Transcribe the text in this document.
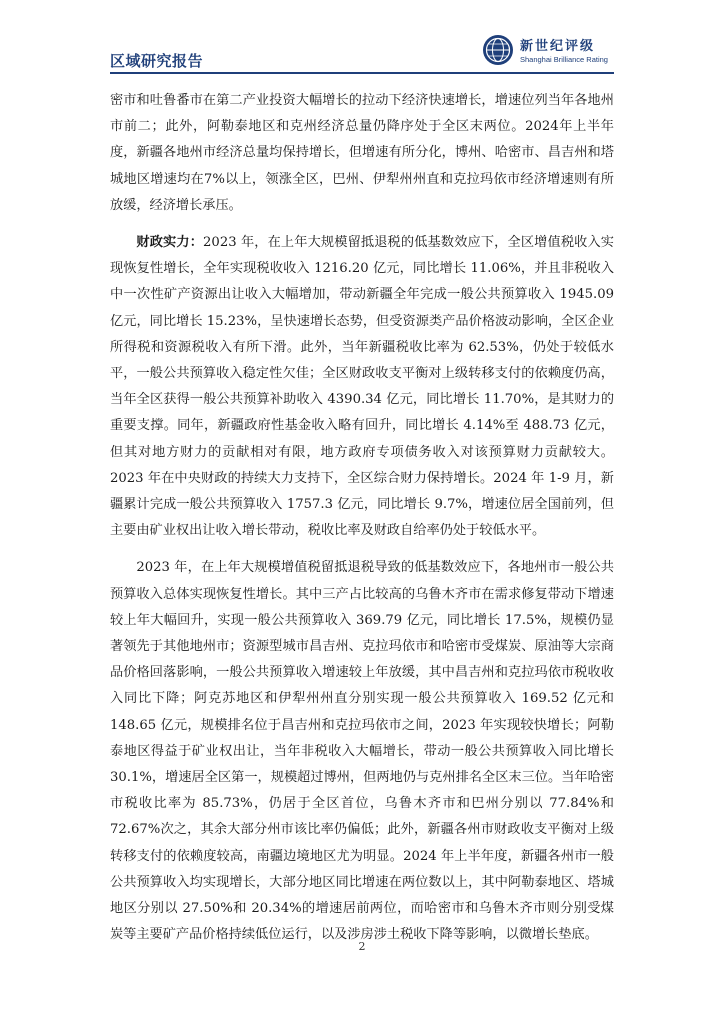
区域研究报告
新世纪评级
Shanghai Brilliance Rating

密市和吐鲁番市在第二产业投资大幅增长的拉动下经济快速增长，增速位列当年各地州市前二；此外，阿勒泰地区和克州经济总量仍降序处于全区末两位。2024年上半年度，新疆各地州市经济总量均保持增长，但增速有所分化，博州、哈密市、昌吉州和塔城地区增速均在7%以上，领涨全区，巴州、伊犁州州直和克拉玛依市经济增速则有所放缓，经济增长承压。

财政实力：2023 年，在上年大规模留抵退税的低基数效应下，全区增值税收入实现恢复性增长，全年实现税收收入 1216.20 亿元，同比增长 11.06%，并且非税收入中一次性矿产资源出让收入大幅增加，带动新疆全年完成一般公共预算收入 1945.09 亿元，同比增长 15.23%，呈快速增长态势，但受资源类产品价格波动影响，全区企业所得税和资源税收入有所下滑。此外，当年新疆税收比率为 62.53%，仍处于较低水平，一般公共预算收入稳定性欠佳；全区财政收支平衡对上级转移支付的依赖度仍高，当年全区获得一般公共预算补助收入 4390.34 亿元，同比增长 11.70%，是其财力的重要支撑。同年，新疆政府性基金收入略有回升，同比增长 4.14%至 488.73 亿元，但其对地方财力的贡献相对有限，地方政府专项债务收入对该预算财力贡献较大。2023 年在中央财政的持续大力支持下，全区综合财力保持增长。2024 年 1-9 月，新疆累计完成一般公共预算收入 1757.3 亿元，同比增长 9.7%，增速位居全国前列，但主要由矿业权出让收入增长带动，税收比率及财政自给率仍处于较低水平。

2023 年，在上年大规模增值税留抵退税导致的低基数效应下，各地州市一般公共预算收入总体实现恢复性增长。其中三产占比较高的乌鲁木齐市在需求修复带动下增速较上年大幅回升，实现一般公共预算收入 369.79 亿元，同比增长 17.5%，规模仍显著领先于其他地州市；资源型城市昌吉州、克拉玛依市和哈密市受煤炭、原油等大宗商品价格回落影响，一般公共预算收入增速较上年放缓，其中昌吉州和克拉玛依市税收收入同比下降；阿克苏地区和伊犁州州直分别实现一般公共预算收入 169.52 亿元和 148.65 亿元，规模排名位于昌吉州和克拉玛依市之间，2023 年实现较快增长；阿勒泰地区得益于矿业权出让，当年非税收入大幅增长，带动一般公共预算收入同比增长 30.1%，增速居全区第一，规模超过博州，但两地仍与克州排名全区末三位。当年哈密市税收比率为 85.73%，仍居于全区首位，乌鲁木齐市和巴州分别以 77.84%和 72.67%次之，其余大部分州市该比率仍偏低；此外，新疆各州市财政收支平衡对上级转移支付的依赖度较高，南疆边境地区尤为明显。2024 年上半年度，新疆各州市一般公共预算收入均实现增长，大部分地区同比增速在两位数以上，其中阿勒泰地区、塔城地区分别以 27.50%和 20.34%的增速居前两位，而哈密市和乌鲁木齐市则分别受煤炭等主要矿产品价格持续低位运行，以及涉房涉土税收下降等影响，以微增长垫底。

2
